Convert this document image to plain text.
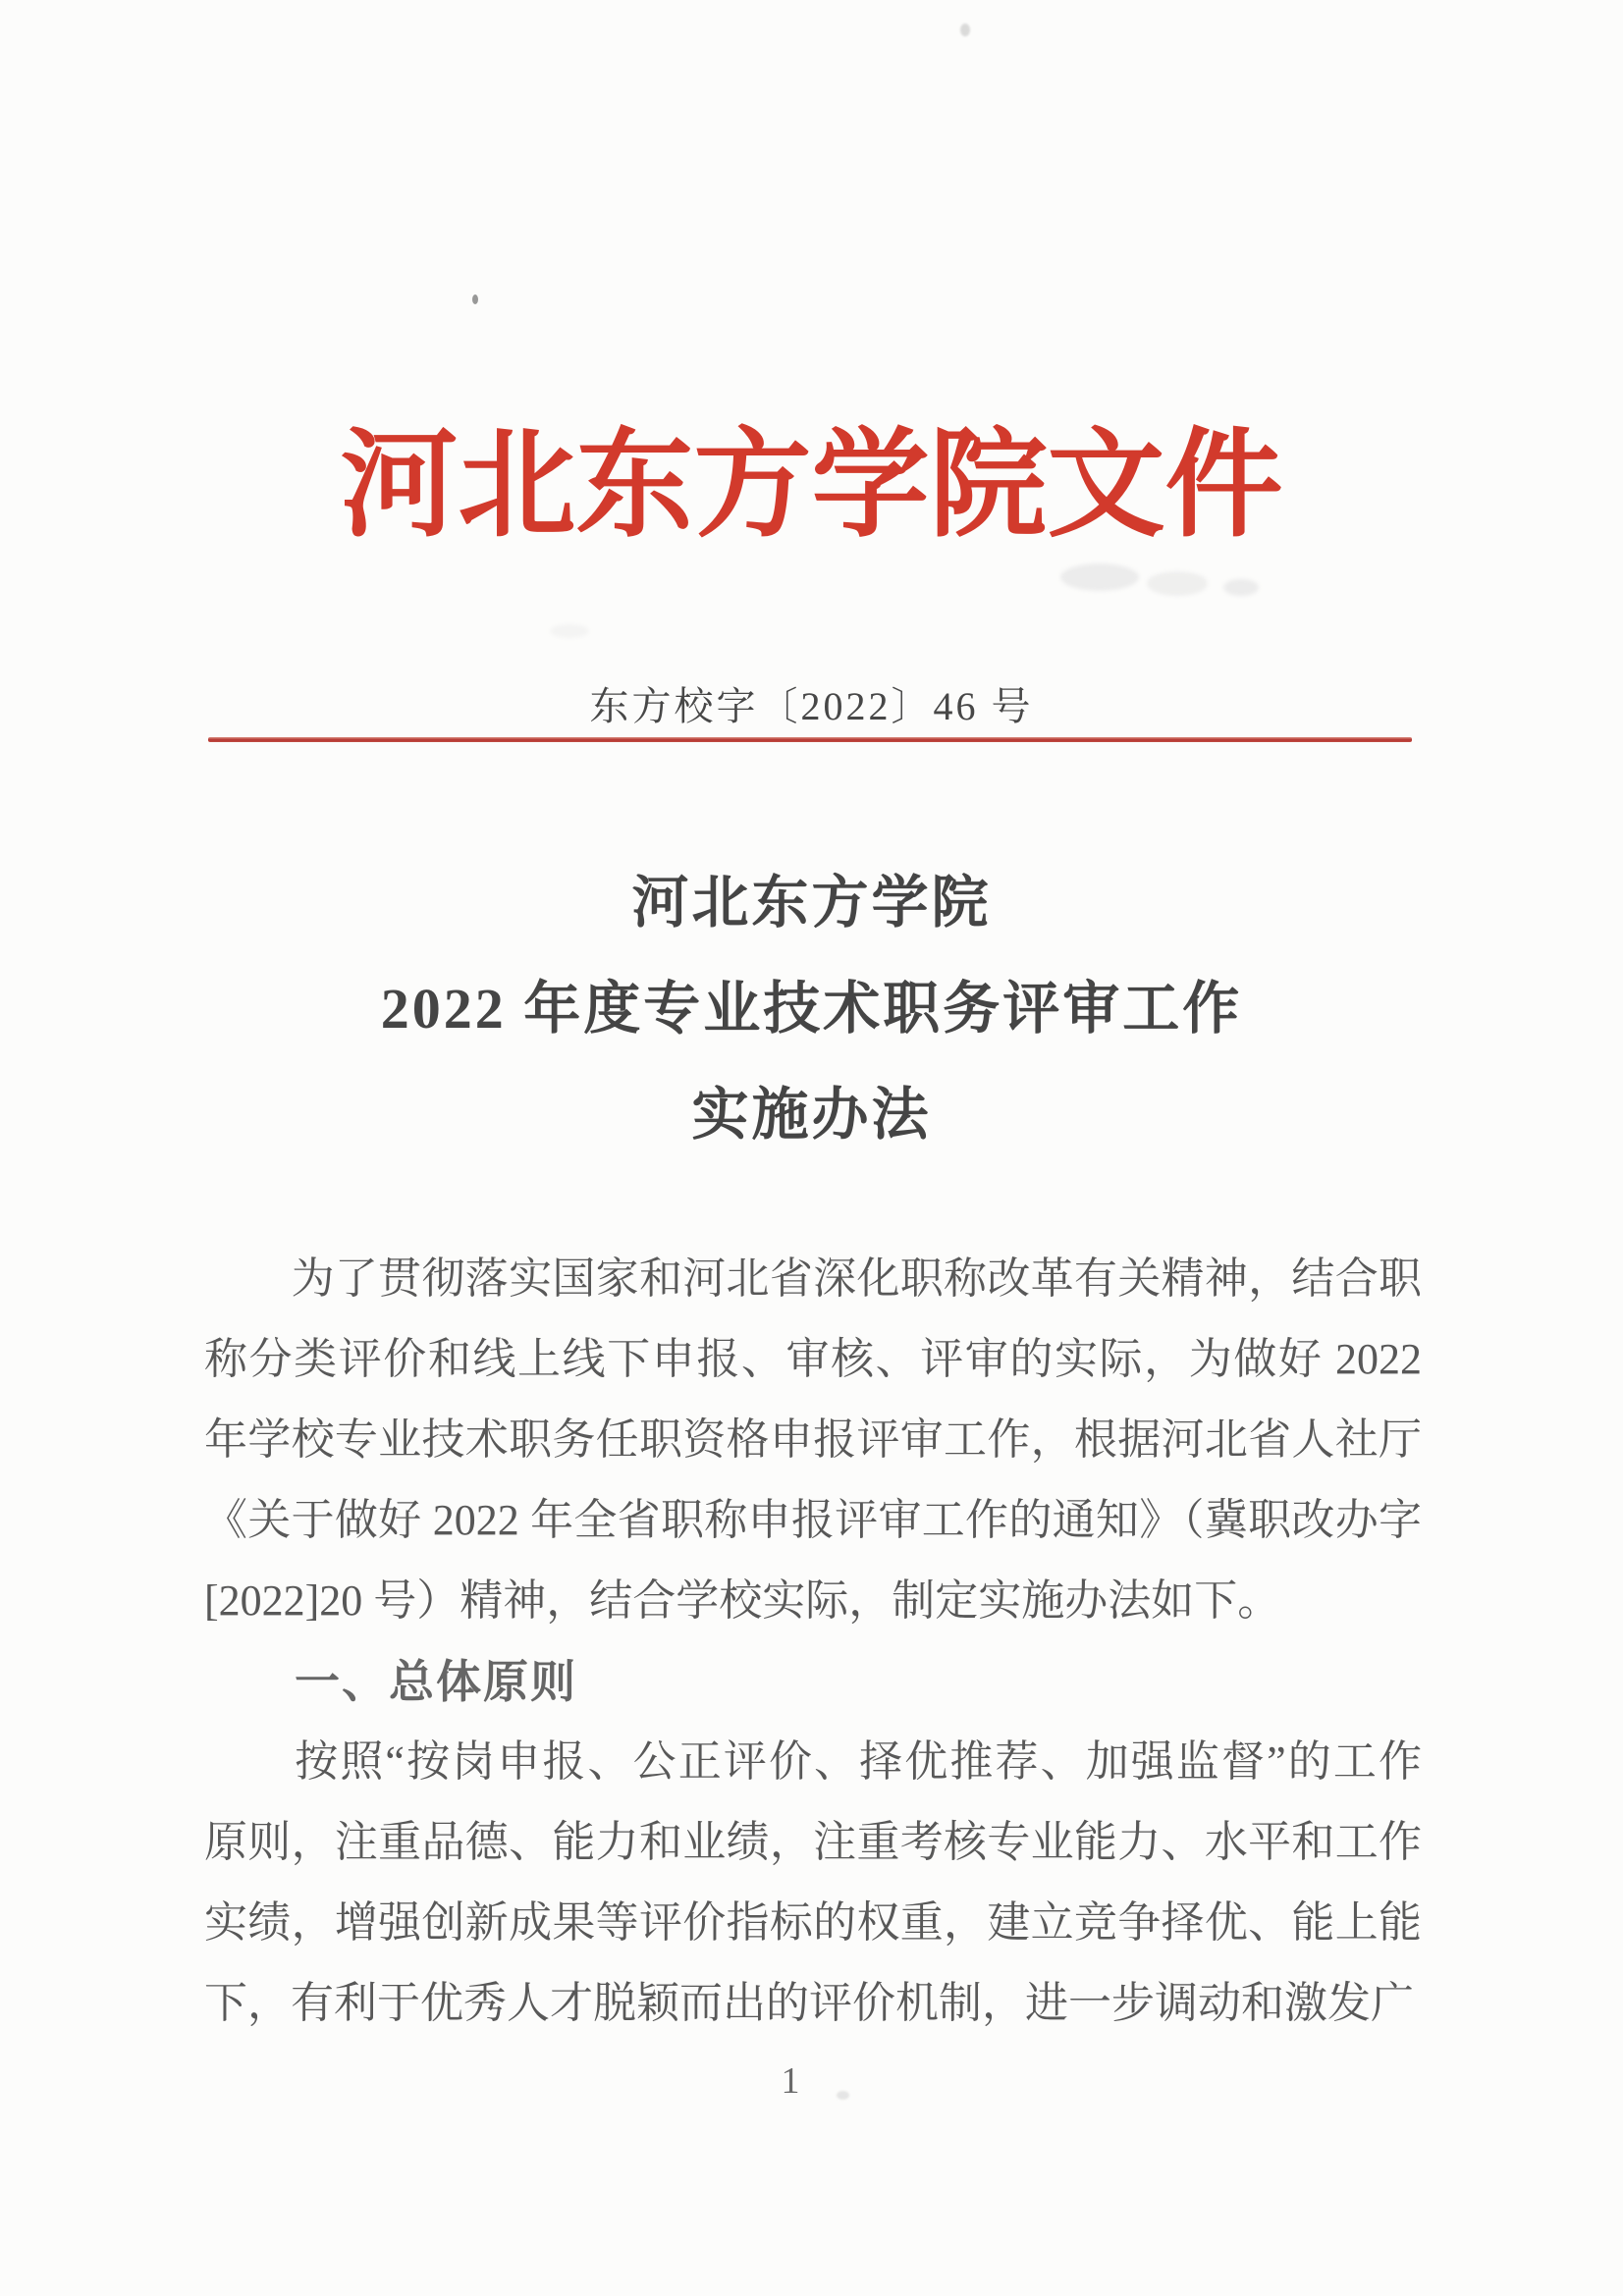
河北东方学院文件
东方校字〔2022〕46 号
河北东方学院
2022 年度专业技术职务评审工作
实施办法
　　为了贯彻落实国家和河北省深化职称改革有关精神，结合职
称分类评价和线上线下申报、审核、评审的实际，为做好 2022
年学校专业技术职务任职资格申报评审工作，根据河北省人社厅
《关于做好 2022 年全省职称申报评审工作的通知》（冀职改办字
[2022]20 号）精神，结合学校实际，制定实施办法如下。
一、总体原则
　　按照“按岗申报、公正评价、择优推荐、加强监督”的工作
原则，注重品德、能力和业绩，注重考核专业能力、水平和工作
实绩，增强创新成果等评价指标的权重，建立竞争择优、能上能
下，有利于优秀人才脱颖而出的评价机制，进一步调动和激发广
1
